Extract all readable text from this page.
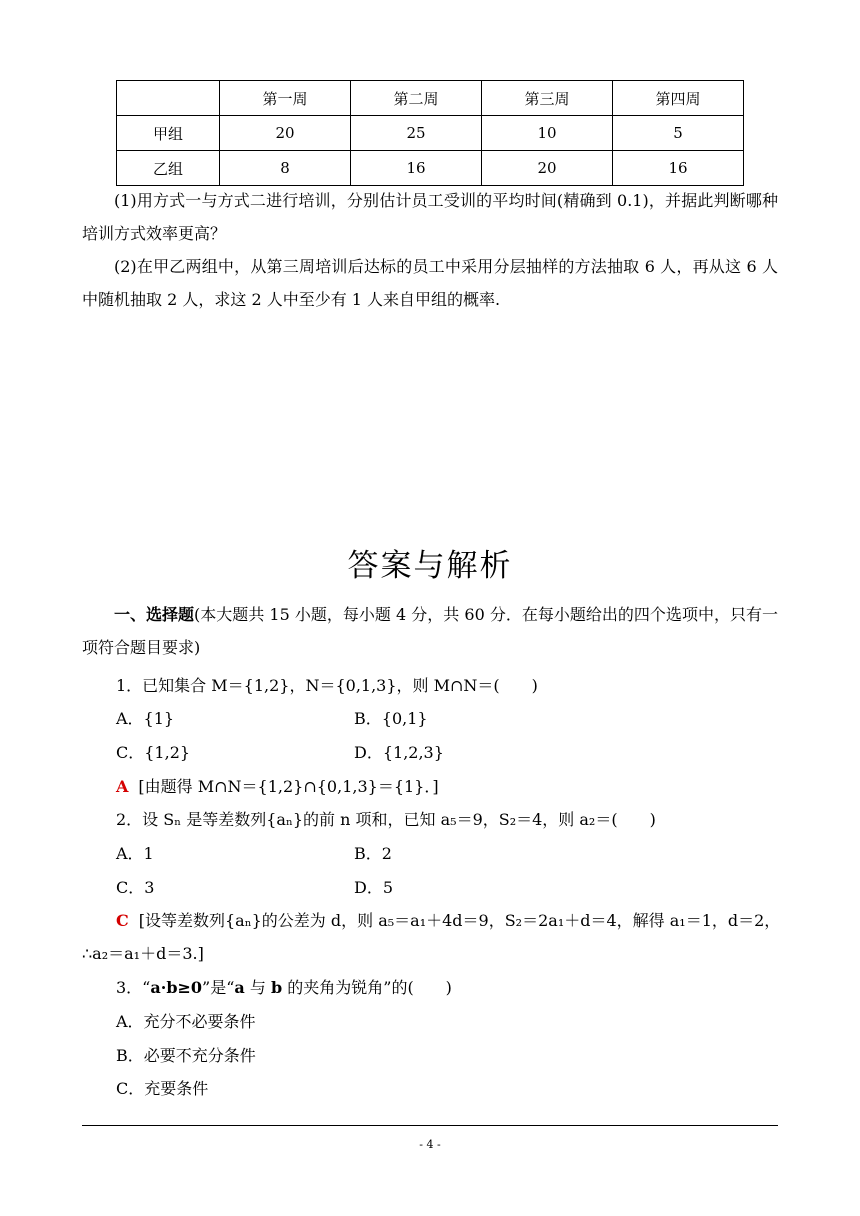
	第一周	第二周	第三周	第四周
甲组	20	25	10	5
乙组	8	16	20	16
(1)用方式一与方式二进行培训，分别估计员工受训的平均时间(精确到 0.1)，并据此判断哪种培训方式效率更高？
(2)在甲乙两组中，从第三周培训后达标的员工中采用分层抽样的方法抽取 6 人，再从这 6 人中随机抽取 2 人，求这 2 人中至少有 1 人来自甲组的概率.
答案与解析
一、选择题(本大题共 15 小题，每小题 4 分，共 60 分．在每小题给出的四个选项中，只有一项符合题目要求)
1．已知集合 M＝{1,2}，N＝{0,1,3}，则 M∩N＝(　　)
A．{1}	B．{0,1}
C．{1,2}	D．{1,2,3}
A [由题得 M∩N＝{1,2}∩{0,1,3}＝{1}．]
2．设 Sₙ 是等差数列{aₙ}的前 n 项和，已知 a₅＝9，S₂＝4，则 a₂＝(　　)
A．1	B．2
C．3	D．5
C [设等差数列{aₙ}的公差为 d，则 a₅＝a₁＋4d＝9，S₂＝2a₁＋d＝4，解得 a₁＝1，d＝2，
∴a₂＝a₁＋d＝3.]
3．“a·b≥0”是“a 与 b 的夹角为锐角”的(　　)
A．充分不必要条件
B．必要不充分条件
C．充要条件
- 4 -
